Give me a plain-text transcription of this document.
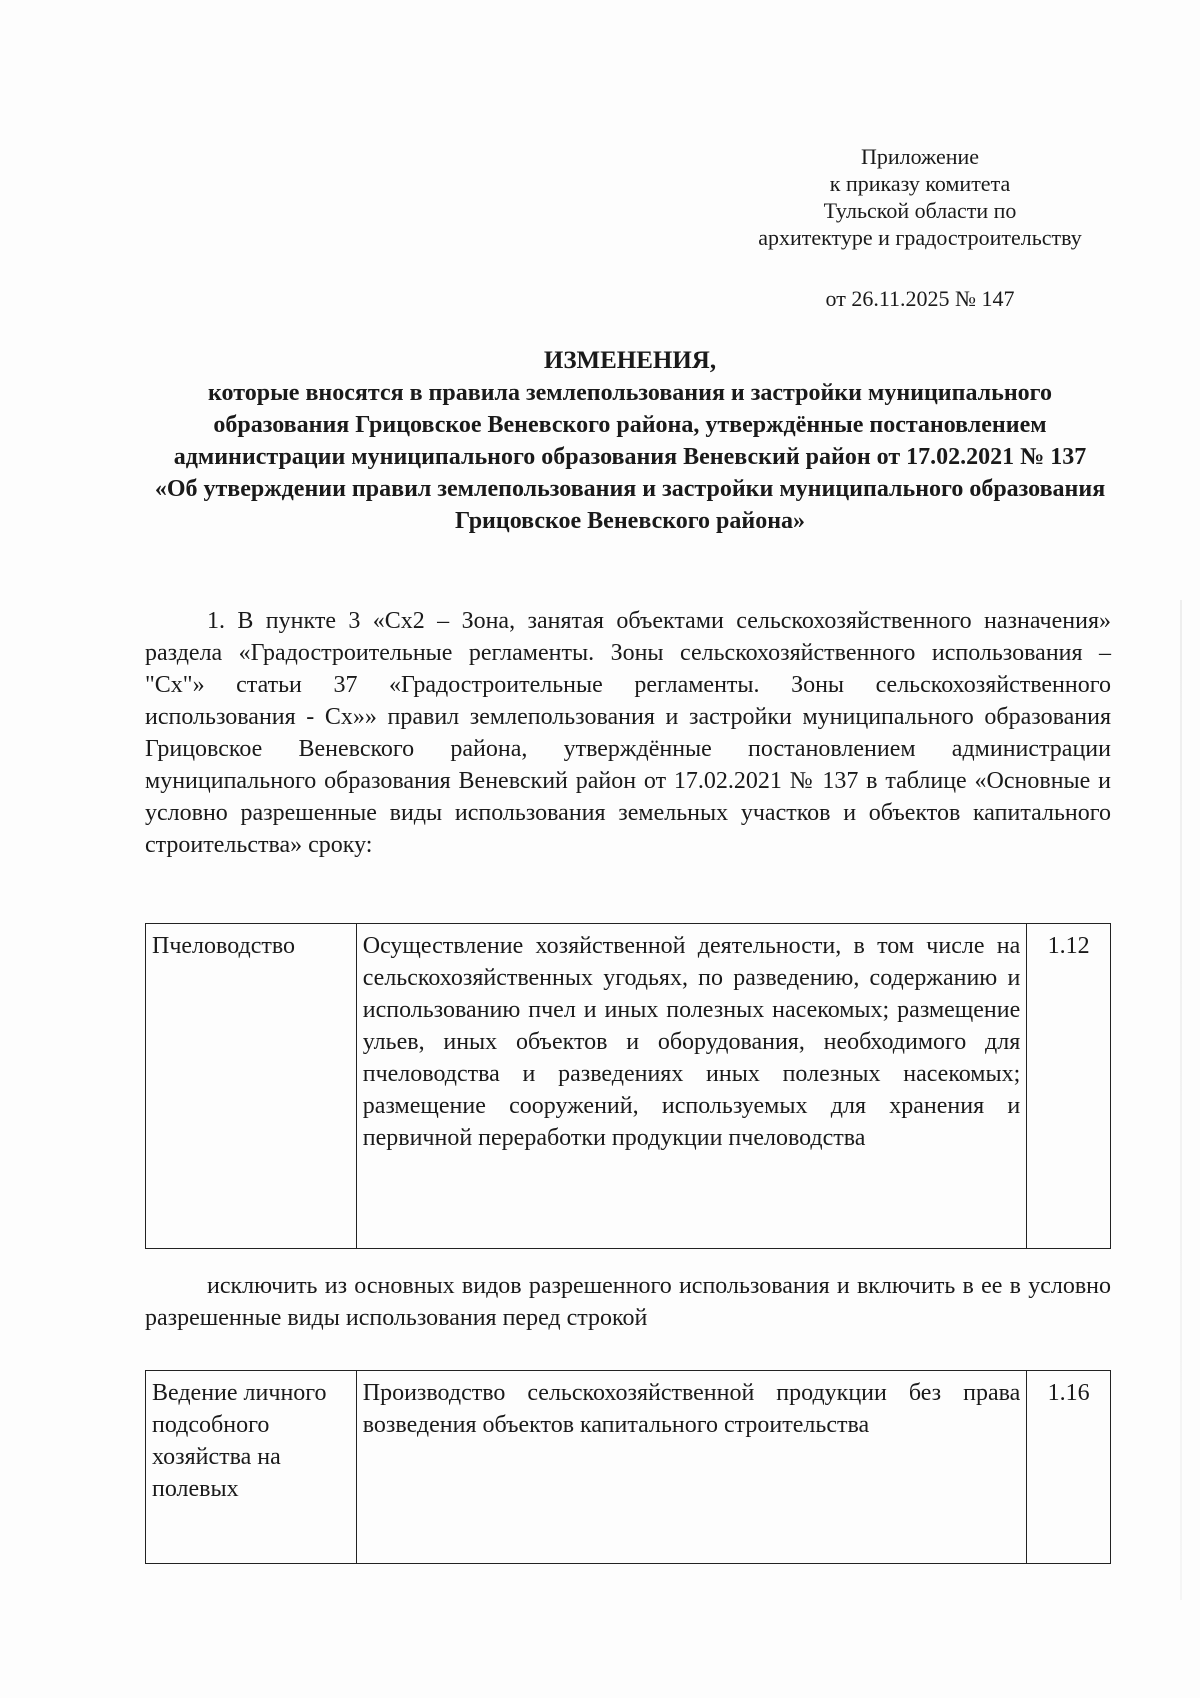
Приложение
к приказу комитета
Тульской области по
архитектуре и градостроительству
от 26.11.2025 № 147
ИЗМЕНЕНИЯ,
которые вносятся в правила землепользования и застройки муниципального образования Грицовское Веневского района, утверждённые постановлением администрации муниципального образования Веневский район от 17.02.2021 № 137 «Об утверждении правил землепользования и застройки муниципального образования Грицовское Веневского района»
1. В пункте 3 «Сх2 – Зона, занятая объектами сельскохозяйственного назначения» раздела «Градостроительные регламенты. Зоны сельскохозяйственного использования – "Сх"» статьи 37 «Градостроительные регламенты. Зоны сельскохозяйственного использования - Сх»» правил землепользования и застройки муниципального образования Грицовское Веневского района, утверждённые постановлением администрации муниципального образования Веневский район от 17.02.2021 № 137 в таблице «Основные и условно разрешенные виды использования земельных участков и объектов капитального строительства» сроку:
Пчеловодство	Осуществление хозяйственной деятельности, в том числе на сельскохозяйственных угодьях, по разведению, содержанию и использованию пчел и иных полезных насекомых; размещение ульев, иных объектов и оборудования, необходимого для пчеловодства и разведениях иных полезных насекомых; размещение сооружений, используемых для хранения и первичной переработки продукции пчеловодства	1.12
исключить из основных видов разрешенного использования и включить в ее в условно разрешенные виды использования перед строкой
Ведение личного подсобного хозяйства на полевых	Производство сельскохозяйственной продукции без права возведения объектов капитального строительства	1.16
